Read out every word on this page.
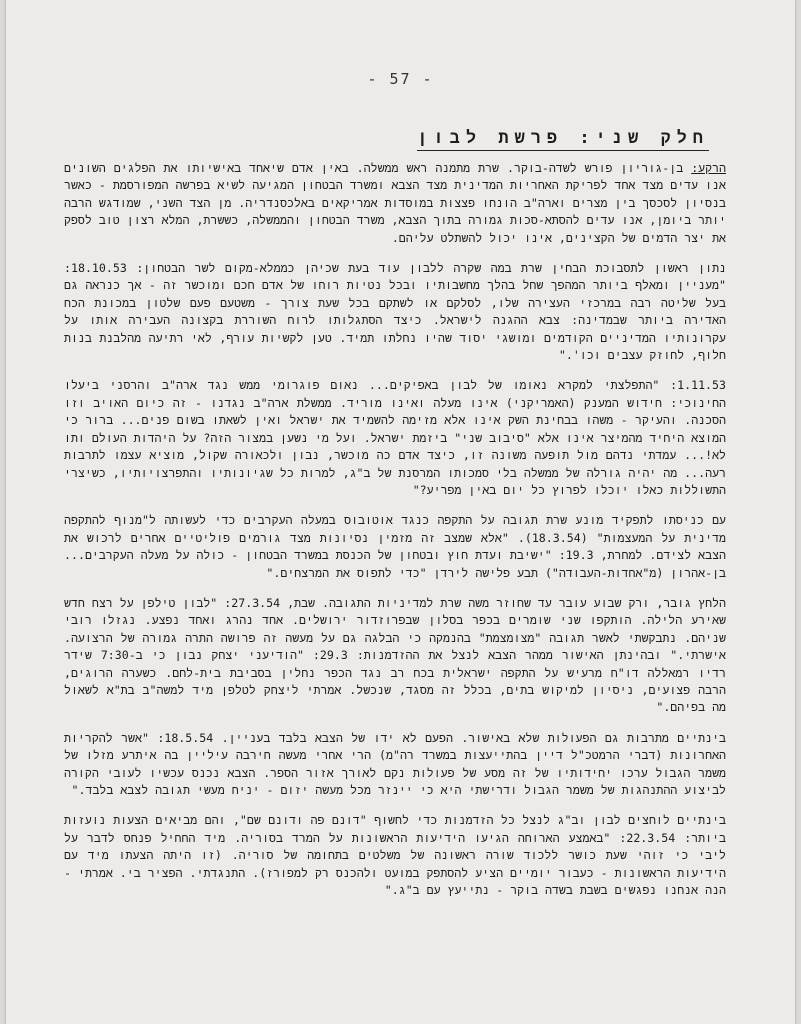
- 57 -
חלק שני: פרשת לבון

הרקע: בן-גוריון פורש לשדה-בוקר. שרת מתמנה ראש ממשלה. באין אדם שיאחד באישיותו את הפלגים השונים אנו עדים מצד אחד לפריקת האחריות המדינית מצד הצבא ומשרד הבטחון המגיעה לשיא בפרשה המפורסמת - כאשר בנסיון לסכסך בין מצרים וארה"ב הונחו פצצות במוסדות אמריקאים באלכסנדריה. מן הצד השני, שמודגש הרבה יותר ביומן, אנו עדים להסתא-סכות גמורה בתוך הצבא, משרד הבטחון והממשלה, כששרת, המלא רצון טוב לספק את יצר הדמים של הקצינים, אינו יכול להשתלט עליהם.

נתון ראשון לתסבוכת הבחין שרת במה שקרה ללבון עוד בעת שכיהן כממלא-מקום לשר הבטחון: 18.10.53: "מעניין ומאלף ביותר המהפך שחל בהלך מחשבותיו ובכל נטיות רוחו של אדם חכם ומוכשר זה - אך כנראה גם בעל שליטה רבה במרכזי העצירה שלו, לסלקם או לשתקם בכל שעת צורך - משטעם פעם שלטון במכונת הכח האדירה ביותר שבמדינה: צבא ההגנה לישראל. כיצד הסתגלותו לרוח השוררת בקצונה העבירה אותו על עקרונותיו המדיניים הקודמים ומושגי יסוד שהיו נחלתו תמיד. טען לקשיות עורף, לאי רתיעה מהלבנת בנות חלוף, לחוזק עצבים וכו'."

1.11.53: "התפלצתי למקרא נאומו של לבון באפיקים... נאום פוגרומי ממש נגד ארה"ב והרסני ביעלו החינוכי: חידוש המענק (האמריקני) אינו מעלה ואינו מוריד. ממשלת ארה"ב נגדנו - זה כיום האויב וזו הסכנה. והעיקר - משהו בבחינת השק אינו אלא מזימה להשמיד את ישראל ואין לשאתו בשום פנים... ברור כי המוצא היחיד מהמיצר אינו אלא "סיבוב שני" ביזמת ישראל. ועל מי נשען במצור הזה? על היהדות העולם ותו לא!... עמדתי נדהם מול תופעה משונה זו, כיצד אדם כה מוכשר, נבון ולכאורה שקול, מוציא עצמו לתרבות רעה... מה יהיה גורלה של ממשלה בלי סמכותו המרסנת של ב"ג, למרות כל שגיונותיו והתפרצויותיו, כשיצרי התשוללות כאלו יוכלו לפרוץ כל יום באין מפריע?"

עם כניסתו לתפקיד מונע שרת תגובה על התקפה כנגד אוטובוס במעלה העקרבים כדי לעשותה ל"מנוף להתקפה מדינית על המעצמות" (18.3.54). "אלא שמצב זה מזמין נסיונות מצד גורמים פוליטיים אחרים לרכוש את הצבא לצידם. למחרת, 19.3: "ישיבת ועדת חוץ ובטחון של הכנסת במשרד הבטחון - כולה על מעלה העקרבים... בן-אהרון (מ"אחדות-העבודה") תבע פלישה לירדן "כדי לתפוס את המרצחים."

הלחץ גובר, ורק שבוע עובר עד שחוזר משה שרת למדיניות התגובה. שבת, 27.3.54: "לבון טילפן על רצח חדש שאירע הלילה. הותקפו שני שומרים בכפר בסלון שבפרוזדור ירושלים. אחד נהרג ואחד נפצע. נגזלו רובי שניהם. נתבקשתי לאשר תגובה "מצומצמת" בהנמקה כי הבלגה גם על מעשה זה פרושה התרה גמורה של הרצועה. אישרתי." ובהינתן האישור ממהר הצבא לנצל את ההזדמנות: 29.3: "הודיעני יצחק נבון כי ב-7:30 שידר רדיו רמאללה דו"ח מרעיש על התקפה ישראלית בכח רב נגד הכפר נחלין בסביבת בית-לחם. כשערה הרוגים, הרבה פצועים, ניסיון למיקוש בתים, בכלל זה מסגד, שנכשל. אמרתי ליצחק לטלפן מיד למשה"ב בת"א לשאול מה בפיהם."

בינתיים מתרבות גם הפעולות שלא באישור. הפעם לא ידו של הצבא בלבד בעניין. 18.5.54: "אשר להקריות האחרונות (דברי הרמטכ"ל דיין בהתייעצות במשרד רה"מ) הרי אחרי מעשה חירבה עיליין בה איתרע מזלו של משמר הגבול ערכו יחידותיו של זה מסע של פעולות נקם לאורך אזור הספר. הצבא נכנס עכשיו לעובי הקורה לביצוע ההתנהגות של משמר הגבול ודרישתי היא כי יינזר מכל מעשה יזום - יניח מעשי תגובה לצבא בלבד."

בינתיים לוחצים לבון וב"ג לנצל כל הזדמנות כדי לחשוף "דונם פה ודונם שם", והם מביאים הצעות נועזות ביותר: 22.3.54: "באמצע הארוחה הגיעו הידיעות הראשונות על המרד בסוריה. מיד החחיל פנחס לדבר על ליבי כי זוהי שעת כושר ללכוד שורה ראשונה של משלטים בתחומה של סוריה. (זו היתה הצעתו מיד עם הידיעות הראשונות - כעבור יומיים הציע להסתפק במועט ולהכנס רק למפורז). התנגדתי. הפציר בי. אמרתי - הנה אנחנו נפגשים בשבת בשדה בוקר - נתייעץ עם ב"ג."
